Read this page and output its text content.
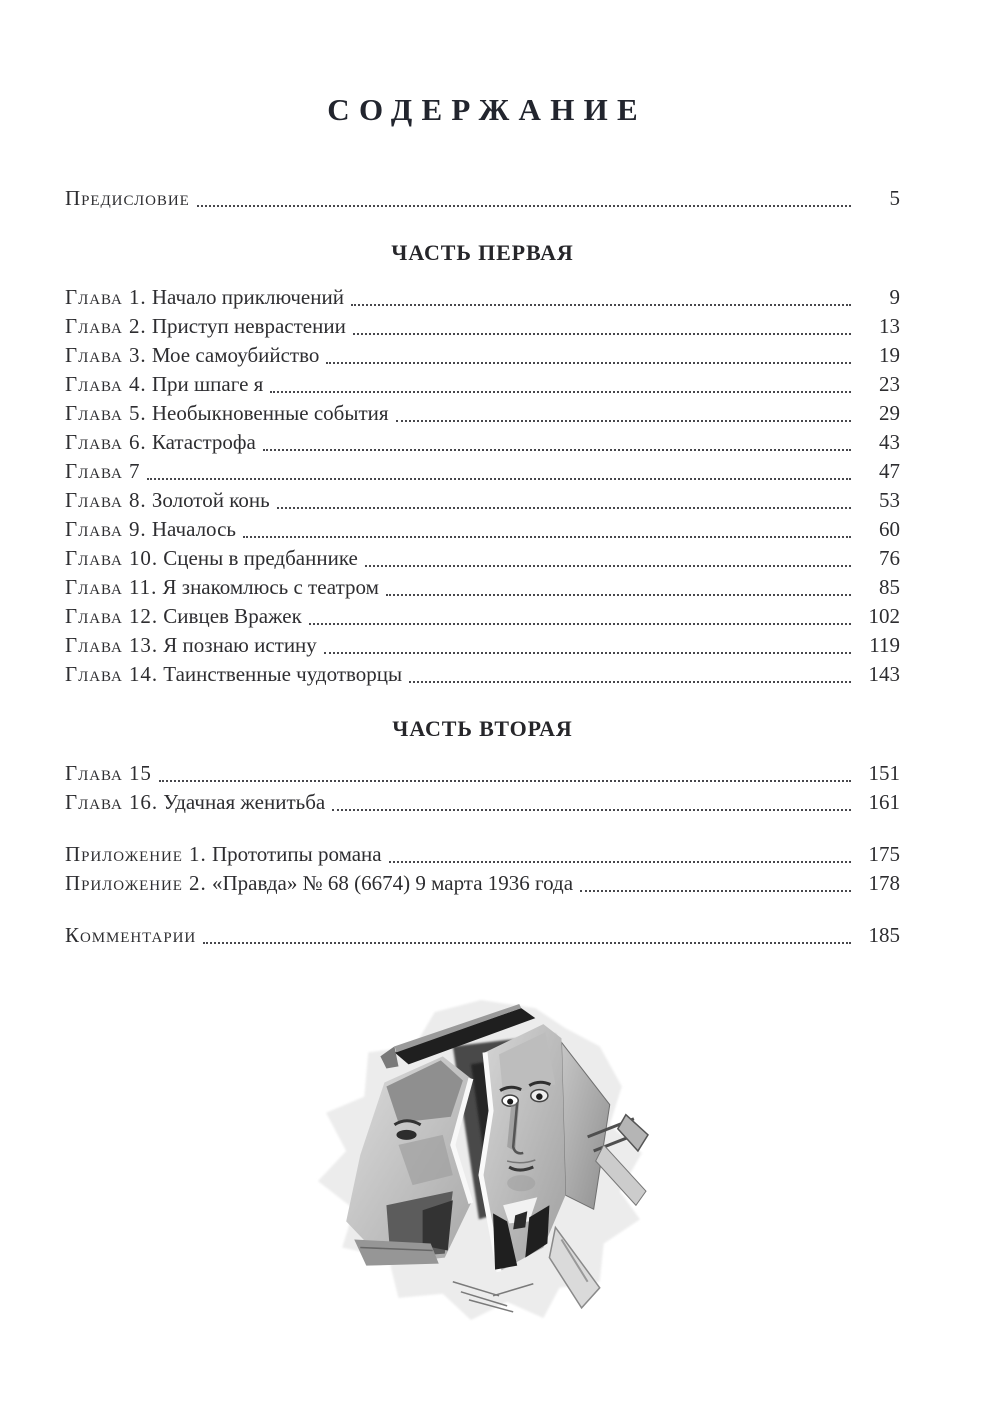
СОДЕРЖАНИЕ
Предисловие	5
ЧАСТЬ ПЕРВАЯ
Глава 1. Начало приключений	9
Глава 2. Приступ неврастении	13
Глава 3. Мое самоубийство	19
Глава 4. При шпаге я	23
Глава 5. Необыкновенные события	29
Глава 6. Катастрофа	43
Глава 7	47
Глава 8. Золотой конь	53
Глава 9. Началось	60
Глава 10. Сцены в предбаннике	76
Глава 11. Я знакомлюсь с театром	85
Глава 12. Сивцев Вражек	102
Глава 13. Я познаю истину	119
Глава 14. Таинственные чудотворцы	143
ЧАСТЬ ВТОРАЯ
Глава 15	151
Глава 16. Удачная женитьба	161
Приложение 1. Прототипы романа	175
Приложение 2. «Правда» № 68 (6674) 9 марта 1936 года	178
Комментарии	185
